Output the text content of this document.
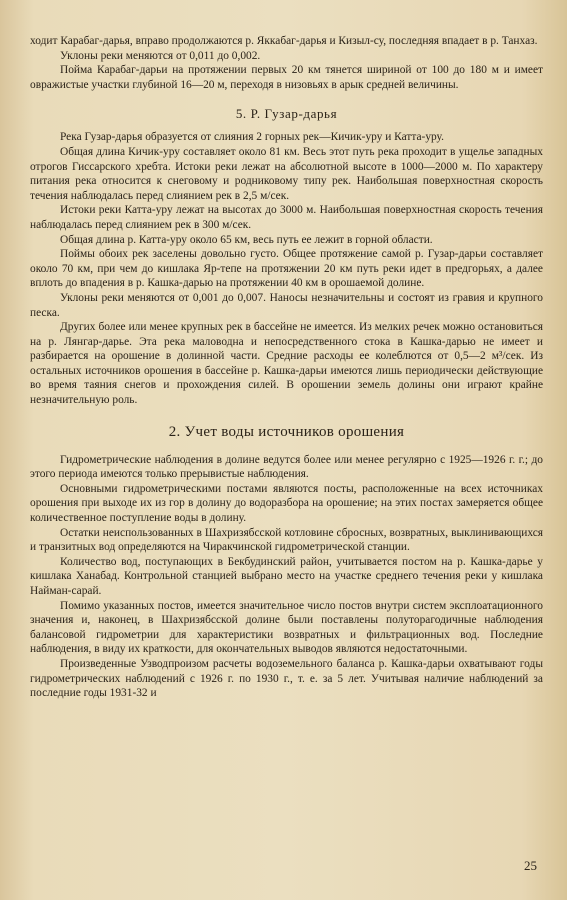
ходит Карабаг-дарья, вправо продолжаются р. Яккабаг-дарья и Кизыл-су, последняя впадает в р. Танхаз.

Уклоны реки меняются от 0,011 до 0,002.

Пойма Карабаг-дарьи на протяжении первых 20 км тянется шириной от 100 до 180 м и имеет овражистые участки глубиной 16—20 м, переходя в низовьях в арык средней величины.

5. Р. Гузар-дарья

Река Гузар-дарья образуется от слияния 2 горных рек—Кичик-уру и Катта-уру.

Общая длина Кичик-уру составляет около 81 км. Весь этот путь река проходит в ущелье западных отрогов Гиссарского хребта. Истоки реки лежат на абсолютной высоте в 1000—2000 м. По характеру питания река относится к снеговому и родниковому типу рек. Наибольшая поверхностная скорость течения наблюдалась перед слиянием рек в 2,5 м/сек.

Истоки реки Катта-уру лежат на высотах до 3000 м. Наибольшая поверхностная скорость течения наблюдалась перед слиянием рек в 300 м/сек.

Общая длина р. Катта-уру около 65 км, весь путь ее лежит в горной области.

Поймы обоих рек заселены довольно густо. Общее протяжение самой р. Гузар-дарьи составляет около 70 км, при чем до кишлака Яр-тепе на протяжении 20 км путь реки идет в предгорьях, а далее вплоть до впадения в р. Кашка-дарью на протяжении 40 км в орошаемой долине.

Уклоны реки меняются от 0,001 до 0,007. Наносы незначительны и состоят из гравия и крупного песка.

Других более или менее крупных рек в бассейне не имеется. Из мелких речек можно остановиться на р. Лянгар-дарье. Эта река маловодна и непосредственного стока в Кашка-дарью не имеет и разбирается на орошение в долинной части. Средние расходы ее колеблются от 0,5—2 м³/сек. Из остальных источников орошения в бассейне р. Кашка-дарьи имеются лишь периодически действующие во время таяния снегов и прохождения силей. В орошении земель долины они играют крайне незначительную роль.

2. Учет воды источников орошения

Гидрометрические наблюдения в долине ведутся более или менее регулярно с 1925—1926 г. г.; до этого периода имеются только прерывистые наблюдения.

Основными гидрометрическими постами являются посты, расположенные на всех источниках орошения при выходе их из гор в долину до водоразбора на орошение; на этих постах замеряется общее количественное поступление воды в долину.

Остатки неиспользованных в Шахризябсской котловине сбросных, возвратных, выклинивающихся и транзитных вод определяются на Чиракчинской гидрометрической станции.

Количество вод, поступающих в Бекбудинский район, учитывается постом на р. Кашка-дарье у кишлака Ханабад. Контрольной станцией выбрано место на участке среднего течения реки у кишлака Найман-сарай.

Помимо указанных постов, имеется значительное число постов внутри систем эксплоатационного значения и, наконец, в Шахризябсской долине были поставлены полуторагодичные наблюдения балансовой гидрометрии для характеристики возвратных и фильтрационных вод. Последние наблюдения, в виду их краткости, для окончательных выводов являются недостаточными.

Произведенные Узводпроизом расчеты водоземельного баланса р. Кашка-дарьи охватывают годы гидрометрических наблюдений с 1926 г. по 1930 г., т. е. за 5 лет. Учитывая наличие наблюдений за последние годы 1931-32 и

25
